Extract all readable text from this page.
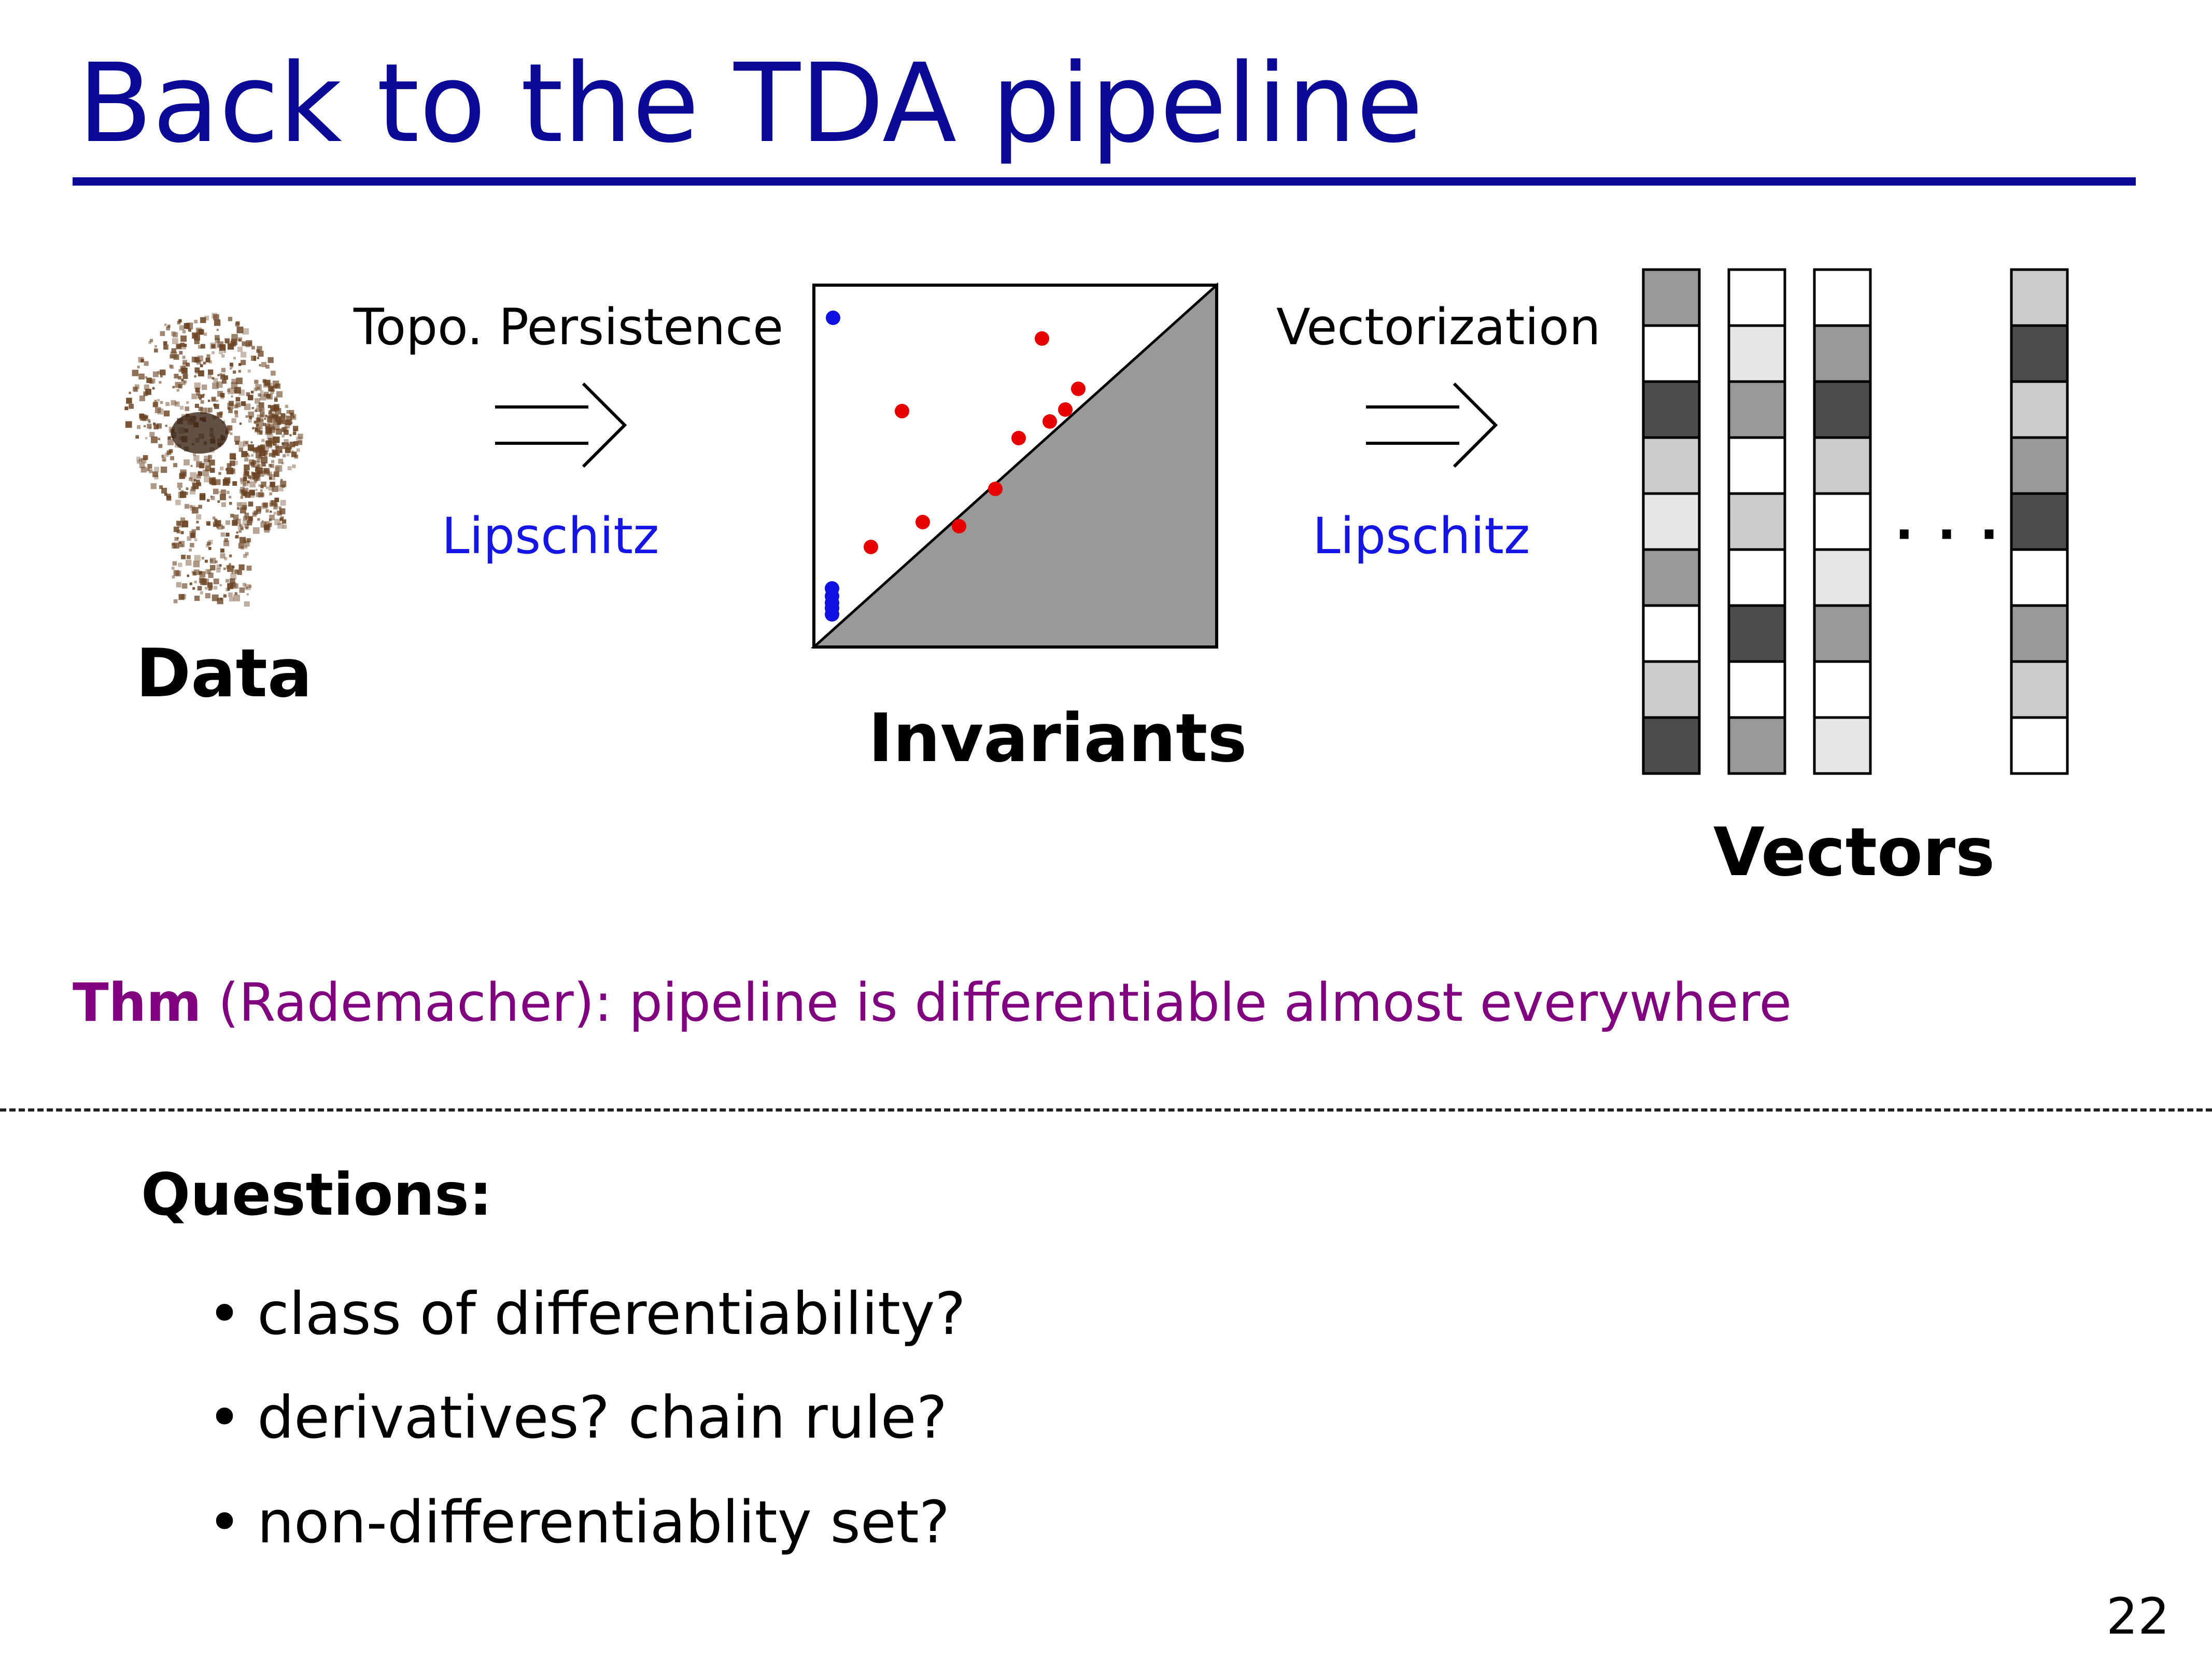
Back to the TDA pipeline
Data
Topo. Persistence
Lipschitz
Invariants
Vectorization
Lipschitz	· · ·
Vectors
Thm (Rademacher): pipeline is differentiable almost everywhere
Questions:
• class of differentiability?
• derivatives? chain rule?
• non-differentiablity set?
22
